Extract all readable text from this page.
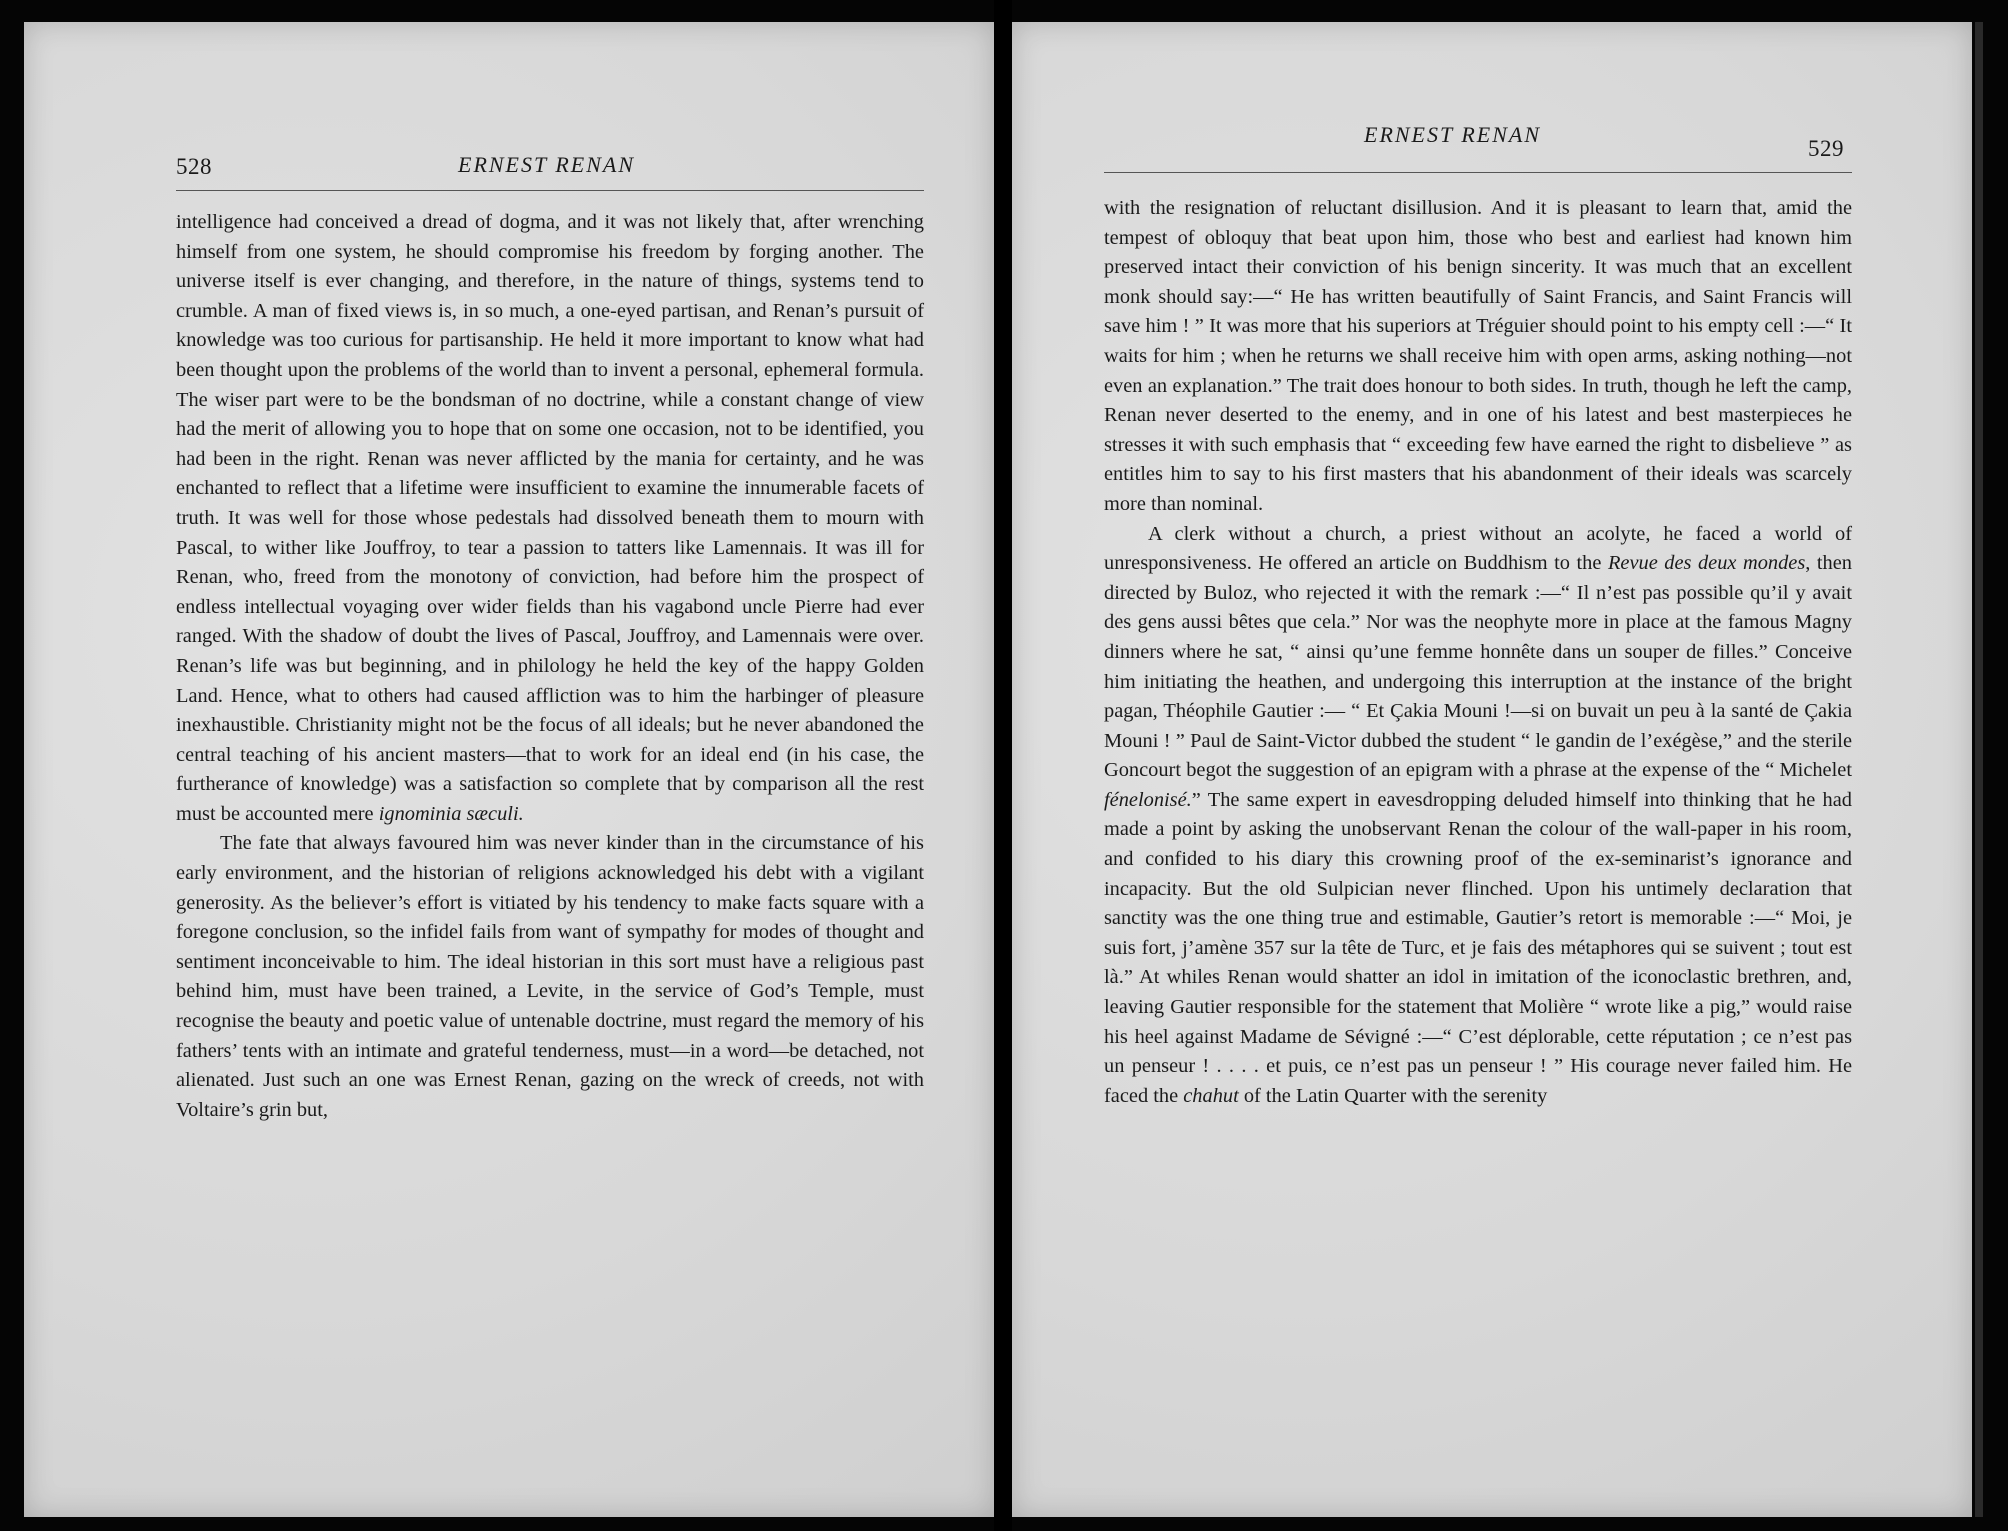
528	ERNEST RENAN

intelligence had conceived a dread of dogma, and it was not likely that, after wrenching himself from one system, he should compromise his freedom by forging another. The universe itself is ever changing, and therefore, in the nature of things, systems tend to crumble. A man of fixed views is, in so much, a one-eyed partisan, and Renan’s pursuit of knowledge was too curious for partisanship. He held it more important to know what had been thought upon the problems of the world than to invent a personal, ephemeral formula. The wiser part were to be the bondsman of no doctrine, while a constant change of view had the merit of allowing you to hope that on some one occasion, not to be identified, you had been in the right. Renan was never afflicted by the mania for certainty, and he was enchanted to reflect that a lifetime were insufficient to examine the innumerable facets of truth. It was well for those whose pedestals had dissolved beneath them to mourn with Pascal, to wither like Jouffroy, to tear a passion to tatters like Lamennais. It was ill for Renan, who, freed from the monotony of conviction, had before him the prospect of endless intellectual voyaging over wider fields than his vagabond uncle Pierre had ever ranged. With the shadow of doubt the lives of Pascal, Jouffroy, and Lamennais were over. Renan’s life was but beginning, and in philology he held the key of the happy Golden Land. Hence, what to others had caused affliction was to him the harbinger of pleasure inexhaustible. Christianity might not be the focus of all ideals; but he never abandoned the central teaching of his ancient masters—that to work for an ideal end (in his case, the furtherance of knowledge) was a satisfaction so complete that by comparison all the rest must be accounted mere ignominia sæculi.

The fate that always favoured him was never kinder than in the circumstance of his early environment, and the historian of religions acknowledged his debt with a vigilant generosity. As the believer’s effort is vitiated by his tendency to make facts square with a foregone conclusion, so the infidel fails from want of sympathy for modes of thought and sentiment inconceivable to him. The ideal historian in this sort must have a religious past behind him, must have been trained, a Levite, in the service of God’s Temple, must recognise the beauty and poetic value of untenable doctrine, must regard the memory of his fathers’ tents with an intimate and grateful tenderness, must—in a word—be detached, not alienated. Just such an one was Ernest Renan, gazing on the wreck of creeds, not with Voltaire’s grin but,

ERNEST RENAN
529

with the resignation of reluctant disillusion. And it is pleasant to learn that, amid the tempest of obloquy that beat upon him, those who best and earliest had known him preserved intact their conviction of his benign sincerity. It was much that an excellent monk should say:—“ He has written beautifully of Saint Francis, and Saint Francis will save him ! ” It was more that his superiors at Tréguier should point to his empty cell :—“ It waits for him ; when he returns we shall receive him with open arms, asking nothing—not even an explanation.” The trait does honour to both sides. In truth, though he left the camp, Renan never deserted to the enemy, and in one of his latest and best masterpieces he stresses it with such emphasis that “ exceeding few have earned the right to disbelieve ” as entitles him to say to his first masters that his abandonment of their ideals was scarcely more than nominal.

A clerk without a church, a priest without an acolyte, he faced a world of unresponsiveness. He offered an article on Buddhism to the Revue des deux mondes, then directed by Buloz, who rejected it with the remark :—“ Il n’est pas possible qu’il y avait des gens aussi bêtes que cela.” Nor was the neophyte more in place at the famous Magny dinners where he sat, “ ainsi qu’une femme honnête dans un souper de filles.” Conceive him initiating the heathen, and undergoing this interruption at the instance of the bright pagan, Théophile Gautier :— “ Et Çakia Mouni !—si on buvait un peu à la santé de Çakia Mouni ! ” Paul de Saint-Victor dubbed the student “ le gandin de l’exégèse,” and the sterile Goncourt begot the suggestion of an epigram with a phrase at the expense of the “ Michelet fénelonisé.” The same expert in eavesdropping deluded himself into thinking that he had made a point by asking the unobservant Renan the colour of the wall-paper in his room, and confided to his diary this crowning proof of the ex-seminarist’s ignorance and incapacity. But the old Sulpician never flinched. Upon his untimely declaration that sanctity was the one thing true and estimable, Gautier’s retort is memorable :—“ Moi, je suis fort, j’amène 357 sur la tête de Turc, et je fais des métaphores qui se suivent ; tout est là.” At whiles Renan would shatter an idol in imitation of the iconoclastic brethren, and, leaving Gautier responsible for the statement that Molière “ wrote like a pig,” would raise his heel against Madame de Sévigné :—“ C’est déplorable, cette réputation ; ce n’est pas un penseur ! . . . . et puis, ce n’est pas un penseur ! ” His courage never failed him. He faced the chahut of the Latin Quarter with the serenity
